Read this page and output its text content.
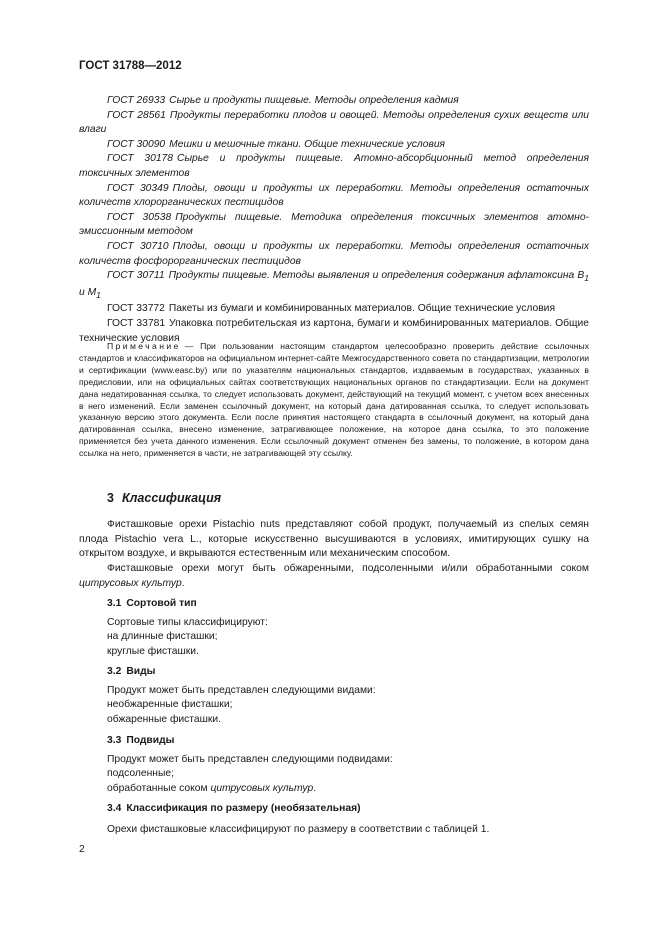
ГОСТ 31788—2012

ГОСТ 26933 Сырье и продукты пищевые. Методы определения кадмия

ГОСТ 28561 Продукты переработки плодов и овощей. Методы определения сухих веществ или влаги

ГОСТ 30090 Мешки и мешочные ткани. Общие технические условия

ГОСТ 30178 Сырье и продукты пищевые. Атомно-абсорбционный метод определения токсичных элементов

ГОСТ 30349 Плоды, овощи и продукты их переработки. Методы определения остаточных количеств хлорорганических пестицидов

ГОСТ 30538 Продукты пищевые. Методика определения токсичных элементов атомно-эмиссионным методом

ГОСТ 30710 Плоды, овощи и продукты их переработки. Методы определения остаточных количеств фосфорорганических пестицидов

ГОСТ 30711 Продукты пищевые. Методы выявления и определения содержания афлатоксина $B_1$ и $M_1$

ГОСТ 33772 Пакеты из бумаги и комбинированных материалов. Общие технические условия

ГОСТ 33781 Упаковка потребительская из картона, бумаги и комбинированных материалов. Общие технические условия

Примечание — При пользовании настоящим стандартом целесообразно проверить действие ссылочных стандартов и классификаторов на официальном интернет-сайте Межгосударственного совета по стандартизации, метрологии и сертификации (www.easc.by) или по указателям национальных стандартов, издаваемым в государствах, указанных в предисловии, или на официальных сайтах соответствующих национальных органов по стандартизации. Если на документ дана недатированная ссылка, то следует использовать документ, действующий на текущий момент, с учетом всех внесенных в него изменений. Если заменен ссылочный документ, на который дана датированная ссылка, то следует использовать указанную версию этого документа. Если после принятия настоящего стандарта в ссылочный документ, на который дана датированная ссылка, внесено изменение, затрагивающее положение, на которое дана ссылка, то это положение применяется без учета данного изменения. Если ссылочный документ отменен без замены, то положение, в котором дана ссылка на него, применяется в части, не затрагивающей эту ссылку.

3 Классификация

Фисташковые орехи Pistachio nuts представляют собой продукт, получаемый из спелых семян плода Pistachio vera L., которые искусственно высушиваются в условиях, имитирующих сушку на открытом воздухе, и вкрываются естественным или механическим способом.

Фисташковые орехи могут быть обжаренными, подсоленными и/или обработанными соком цитрусовых культур.

3.1 Сортовой тип
Сортовые типы классифицируют:
на длинные фисташки;
круглые фисташки.
3.2 Виды
Продукт может быть представлен следующими видами:
необжаренные фисташки;
обжаренные фисташки.
3.3 Подвиды
Продукт может быть представлен следующими подвидами:
подсоленные;
обработанные соком цитрусовых культур.
3.4 Классификация по размеру (необязательная)
Орехи фисташковые классифицируют по размеру в соответствии с таблицей 1.
2
